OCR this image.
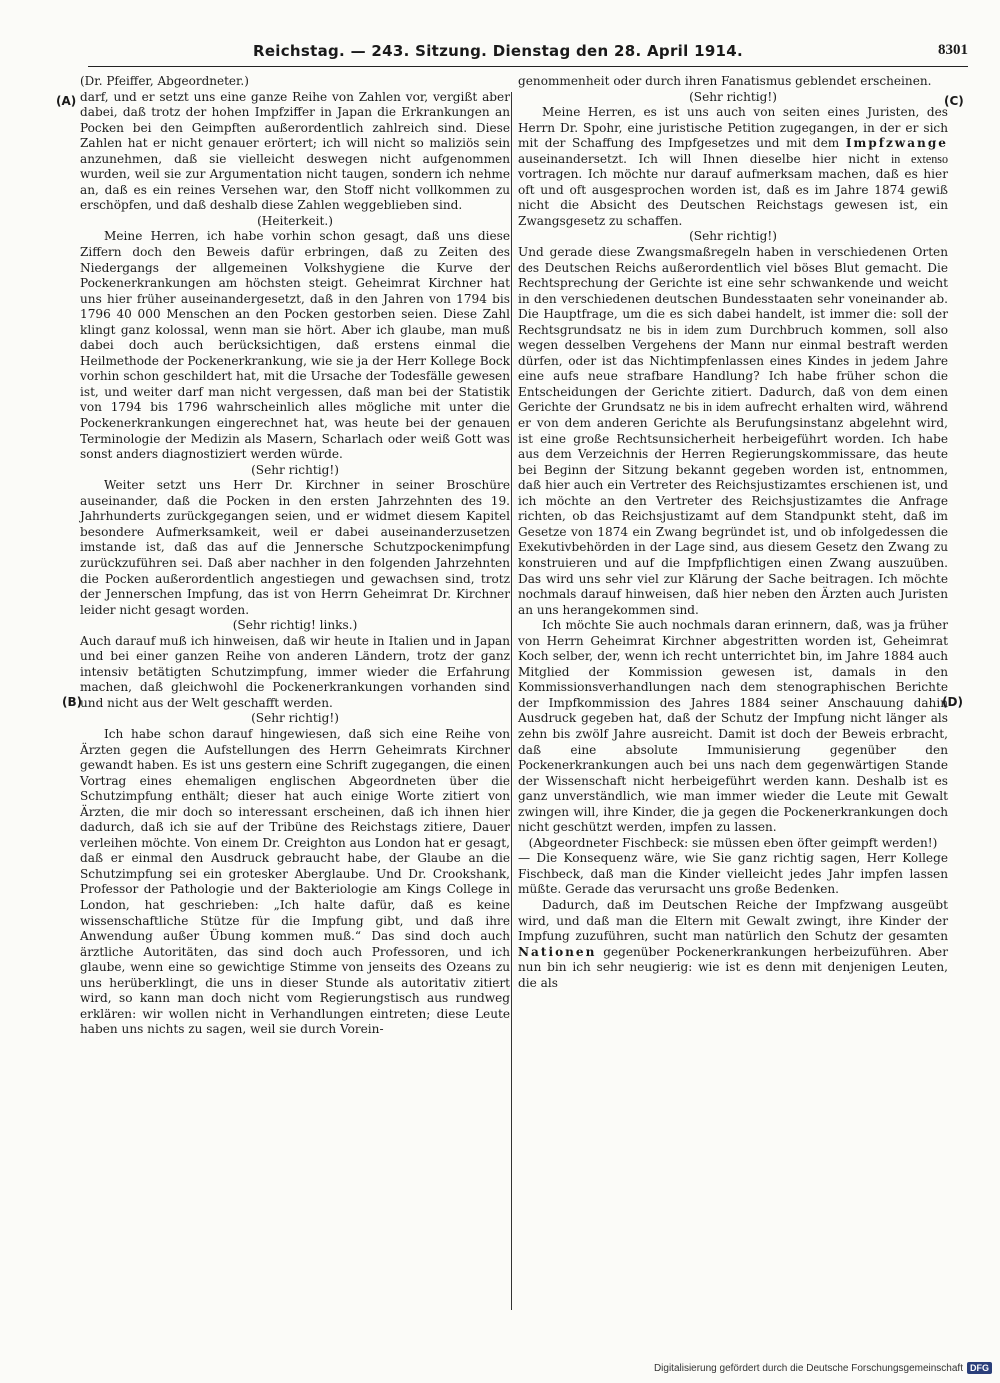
Reichstag. — 243. Sitzung. Dienstag den 28. April 1914.	8301
(A)
(B)
(C)
(D)

(Dr. Pfeiffer, Abgeordneter.)

darf, und er setzt uns eine ganze Reihe von Zahlen vor, vergißt aber dabei, daß trotz der hohen Impfziffer in Japan die Erkrankungen an Pocken bei den Geimpften außerordentlich zahlreich sind. Diese Zahlen hat er nicht genauer erörtert; ich will nicht so maliziös sein anzunehmen, daß sie vielleicht deswegen nicht aufgenommen wurden, weil sie zur Argumentation nicht taugen, sondern ich nehme an, daß es ein reines Versehen war, den Stoff nicht vollkommen zu erschöpfen, und daß deshalb diese Zahlen weggeblieben sind.

(Heiterkeit.)

Meine Herren, ich habe vorhin schon gesagt, daß uns diese Ziffern doch den Beweis dafür erbringen, daß zu Zeiten des Niedergangs der allgemeinen Volkshygiene die Kurve der Pockenerkrankungen am höchsten steigt. Geheimrat Kirchner hat uns hier früher auseinandergesetzt, daß in den Jahren von 1794 bis 1796 40 000 Menschen an den Pocken gestorben seien. Diese Zahl klingt ganz kolossal, wenn man sie hört. Aber ich glaube, man muß dabei doch auch berücksichtigen, daß erstens einmal die Heilmethode der Pockenerkrankung, wie sie ja der Herr Kollege Bock vorhin schon geschildert hat, mit die Ursache der Todesfälle gewesen ist, und weiter darf man nicht vergessen, daß man bei der Statistik von 1794 bis 1796 wahrscheinlich alles mögliche mit unter die Pockenerkrankungen eingerechnet hat, was heute bei der genauen Terminologie der Medizin als Masern, Scharlach oder weiß Gott was sonst anders diagnostiziert werden würde.

(Sehr richtig!)

Weiter setzt uns Herr Dr. Kirchner in seiner Broschüre auseinander, daß die Pocken in den ersten Jahrzehnten des 19. Jahrhunderts zurückgegangen seien, und er widmet diesem Kapitel besondere Aufmerksamkeit, weil er dabei auseinanderzusetzen imstande ist, daß das auf die Jennersche Schutzpockenimpfung zurückzuführen sei. Daß aber nachher in den folgenden Jahrzehnten die Pocken außerordentlich angestiegen und gewachsen sind, trotz der Jennerschen Impfung, das ist von Herrn Geheimrat Dr. Kirchner leider nicht gesagt worden.

(Sehr richtig! links.)

Auch darauf muß ich hinweisen, daß wir heute in Italien und in Japan und bei einer ganzen Reihe von anderen Ländern, trotz der ganz intensiv betätigten Schutzimpfung, immer wieder die Erfahrung machen, daß gleichwohl die Pockenerkrankungen vorhanden sind und nicht aus der Welt geschafft werden.

(Sehr richtig!)

Ich habe schon darauf hingewiesen, daß sich eine Reihe von Ärzten gegen die Aufstellungen des Herrn Geheimrats Kirchner gewandt haben. Es ist uns gestern eine Schrift zugegangen, die einen Vortrag eines ehemaligen englischen Abgeordneten über die Schutzimpfung enthält; dieser hat auch einige Worte zitiert von Ärzten, die mir doch so interessant erscheinen, daß ich ihnen hier dadurch, daß ich sie auf der Tribüne des Reichstags zitiere, Dauer verleihen möchte. Von einem Dr. Creighton aus London hat er gesagt, daß er einmal den Ausdruck gebraucht habe, der Glaube an die Schutzimpfung sei ein grotesker Aberglaube. Und Dr. Crookshank, Professor der Pathologie und der Bakteriologie am Kings College in London, hat geschrieben: „Ich halte dafür, daß es keine wissenschaftliche Stütze für die Impfung gibt, und daß ihre Anwendung außer Übung kommen muß.“ Das sind doch auch ärztliche Autoritäten, das sind doch auch Professoren, und ich glaube, wenn eine so gewichtige Stimme von jenseits des Ozeans zu uns herüberklingt, die uns in dieser Stunde als autoritativ zitiert wird, so kann man doch nicht vom Regierungstisch aus rundweg erklären: wir wollen nicht in Verhandlungen eintreten; diese Leute haben uns nichts zu sagen, weil sie durch Vorein-

genommenheit oder durch ihren Fanatismus geblendet erscheinen.

(Sehr richtig!)

Meine Herren, es ist uns auch von seiten eines Juristen, des Herrn Dr. Spohr, eine juristische Petition zugegangen, in der er sich mit der Schaffung des Impfgesetzes und mit dem Impfzwange auseinandersetzt. Ich will Ihnen dieselbe hier nicht in extenso vortragen. Ich möchte nur darauf aufmerksam machen, daß es hier oft und oft ausgesprochen worden ist, daß es im Jahre 1874 gewiß nicht die Absicht des Deutschen Reichstags gewesen ist, ein Zwangsgesetz zu schaffen.

(Sehr richtig!)

Und gerade diese Zwangsmaßregeln haben in verschiedenen Orten des Deutschen Reichs außerordentlich viel böses Blut gemacht. Die Rechtsprechung der Gerichte ist eine sehr schwankende und weicht in den verschiedenen deutschen Bundesstaaten sehr voneinander ab. Die Hauptfrage, um die es sich dabei handelt, ist immer die: soll der Rechtsgrundsatz ne bis in idem zum Durchbruch kommen, soll also wegen desselben Vergehens der Mann nur einmal bestraft werden dürfen, oder ist das Nichtimpfenlassen eines Kindes in jedem Jahre eine aufs neue strafbare Handlung? Ich habe früher schon die Entscheidungen der Gerichte zitiert. Dadurch, daß von dem einen Gerichte der Grundsatz ne bis in idem aufrecht erhalten wird, während er von dem anderen Gerichte als Berufungsinstanz abgelehnt wird, ist eine große Rechtsunsicherheit herbeigeführt worden. Ich habe aus dem Verzeichnis der Herren Regierungskommissare, das heute bei Beginn der Sitzung bekannt gegeben worden ist, entnommen, daß hier auch ein Vertreter des Reichsjustizamtes erschienen ist, und ich möchte an den Vertreter des Reichsjustizamtes die Anfrage richten, ob das Reichsjustizamt auf dem Standpunkt steht, daß im Gesetze von 1874 ein Zwang begründet ist, und ob infolgedessen die Exekutivbehörden in der Lage sind, aus diesem Gesetz den Zwang zu konstruieren und auf die Impfpflichtigen einen Zwang auszuüben. Das wird uns sehr viel zur Klärung der Sache beitragen. Ich möchte nochmals darauf hinweisen, daß hier neben den Ärzten auch Juristen an uns herangekommen sind.

Ich möchte Sie auch nochmals daran erinnern, daß, was ja früher von Herrn Geheimrat Kirchner abgestritten worden ist, Geheimrat Koch selber, der, wenn ich recht unterrichtet bin, im Jahre 1884 auch Mitglied der Kommission gewesen ist, damals in den Kommissionsverhandlungen nach dem stenographischen Berichte der Impfkommission des Jahres 1884 seiner Anschauung dahin Ausdruck gegeben hat, daß der Schutz der Impfung nicht länger als zehn bis zwölf Jahre ausreicht. Damit ist doch der Beweis erbracht, daß eine absolute Immunisierung gegenüber den Pockenerkrankungen auch bei uns nach dem gegenwärtigen Stande der Wissenschaft nicht herbeigeführt werden kann. Deshalb ist es ganz unverständlich, wie man immer wieder die Leute mit Gewalt zwingen will, ihre Kinder, die ja gegen die Pockenerkrankungen doch nicht geschützt werden, impfen zu lassen.

(Abgeordneter Fischbeck: sie müssen eben öfter geimpft werden!)

— Die Konsequenz wäre, wie Sie ganz richtig sagen, Herr Kollege Fischbeck, daß man die Kinder vielleicht jedes Jahr impfen lassen müßte. Gerade das verursacht uns große Bedenken.

Dadurch, daß im Deutschen Reiche der Impfzwang ausgeübt wird, und daß man die Eltern mit Gewalt zwingt, ihre Kinder der Impfung zuzuführen, sucht man natürlich den Schutz der gesamten Nationen gegenüber Pockenerkrankungen herbeizuführen. Aber nun bin ich sehr neugierig: wie ist es denn mit denjenigen Leuten, die als

Digitalisierung gefördert durch die Deutsche Forschungsgemeinschaft DFG
